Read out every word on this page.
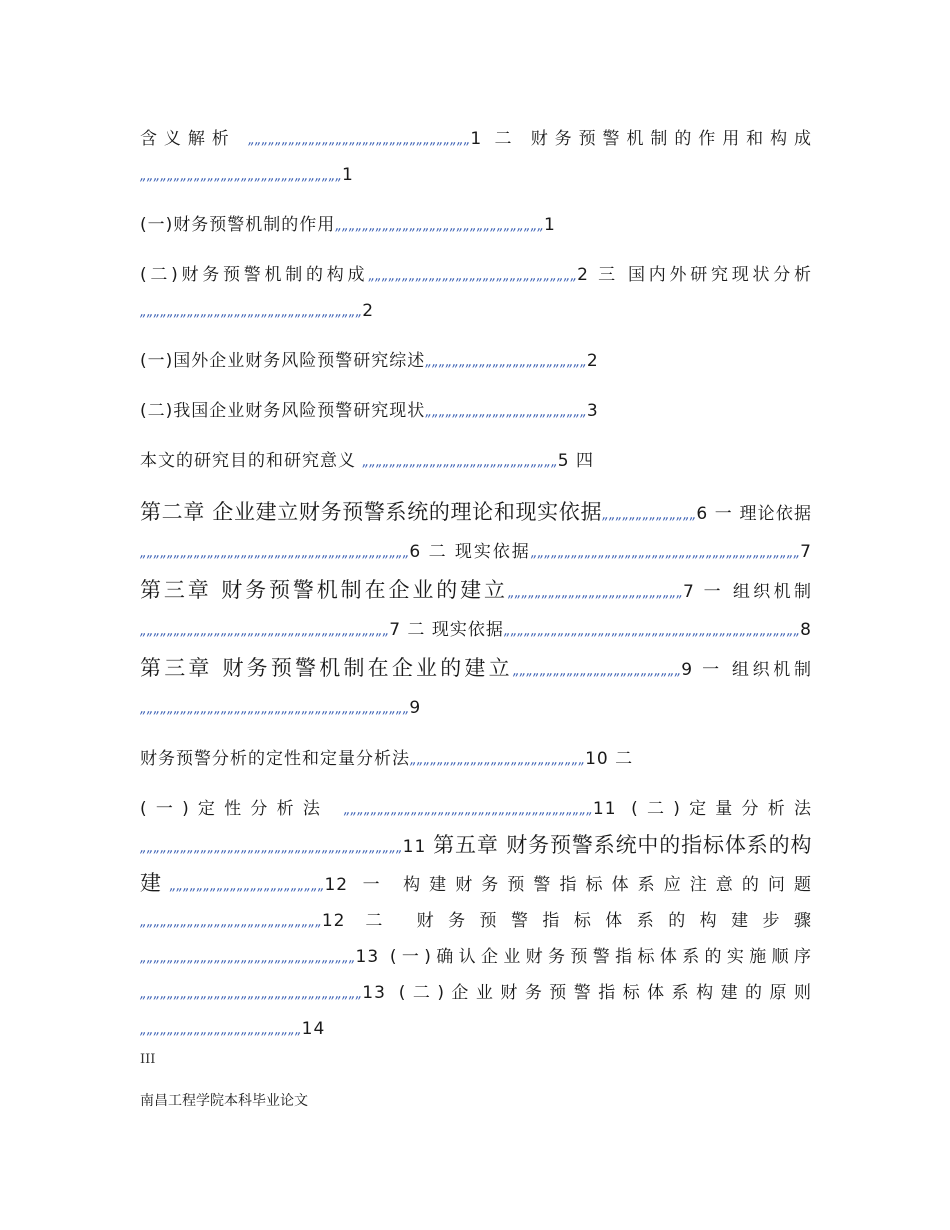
含义解析 „„„„„„„„„„„„„„„„„„„„„„„„„„„„„„„„„1 二 财务预警机制的作用和构成 „„„„„„„„„„„„„„„„„„„„„„„„„„„„„„1

(一)财务预警机制的作用„„„„„„„„„„„„„„„„„„„„„„„„„„„„„„„1

(二)财务预警机制的构成„„„„„„„„„„„„„„„„„„„„„„„„„„„„„„„2 三 国内外研究现状分析 „„„„„„„„„„„„„„„„„„„„„„„„„„„„„„„„„2

(一)国外企业财务风险预警研究综述„„„„„„„„„„„„„„„„„„„„„„„„2

(二)我国企业财务风险预警研究现状„„„„„„„„„„„„„„„„„„„„„„„„3

本文的研究目的和研究意义 „„„„„„„„„„„„„„„„„„„„„„„„„„„„„5 四

第二章 企业建立财务预警系统的理论和现实依据„„„„„„„„„„„„„„6 一 理论依据„„„„„„„„„„„„„„„„„„„„„„„„„„„„„„„„„„„„„„„„6 二 现实依据„„„„„„„„„„„„„„„„„„„„„„„„„„„„„„„„„„„„„„„„7 第三章 财务预警机制在企业的建立„„„„„„„„„„„„„„„„„„„„„„„„„„7 一 组织机制 „„„„„„„„„„„„„„„„„„„„„„„„„„„„„„„„„„„„„7 二 现实依据„„„„„„„„„„„„„„„„„„„„„„„„„„„„„„„„„„„„„„„„„„„„8 第三章 财务预警机制在企业的建立„„„„„„„„„„„„„„„„„„„„„„„„„9 一 组织机制 „„„„„„„„„„„„„„„„„„„„„„„„„„„„„„„„„„„„„„„„9

财务预警分析的定性和定量分析法„„„„„„„„„„„„„„„„„„„„„„„„„„10 二

(一)定性分析法 „„„„„„„„„„„„„„„„„„„„„„„„„„„„„„„„„„„„„11 (二)定量分析法„„„„„„„„„„„„„„„„„„„„„„„„„„„„„„„„„„„„„„„11 第五章 财务预警系统中的指标体系的构建„„„„„„„„„„„„„„„„„„„„„„„12 一 构建财务预警指标体系应注意的问题„„„„„„„„„„„„„„„„„„„„„„„„„„„12 二 财务预警指标体系的构建步骤„„„„„„„„„„„„„„„„„„„„„„„„„„„„„„„„13 (一)确认企业财务预警指标体系的实施顺序„„„„„„„„„„„„„„„„„„„„„„„„„„„„„„„„„13 (二)企业财务预警指标体系构建的原则 „„„„„„„„„„„„„„„„„„„„„„„„14

III
南昌工程学院本科毕业论文
